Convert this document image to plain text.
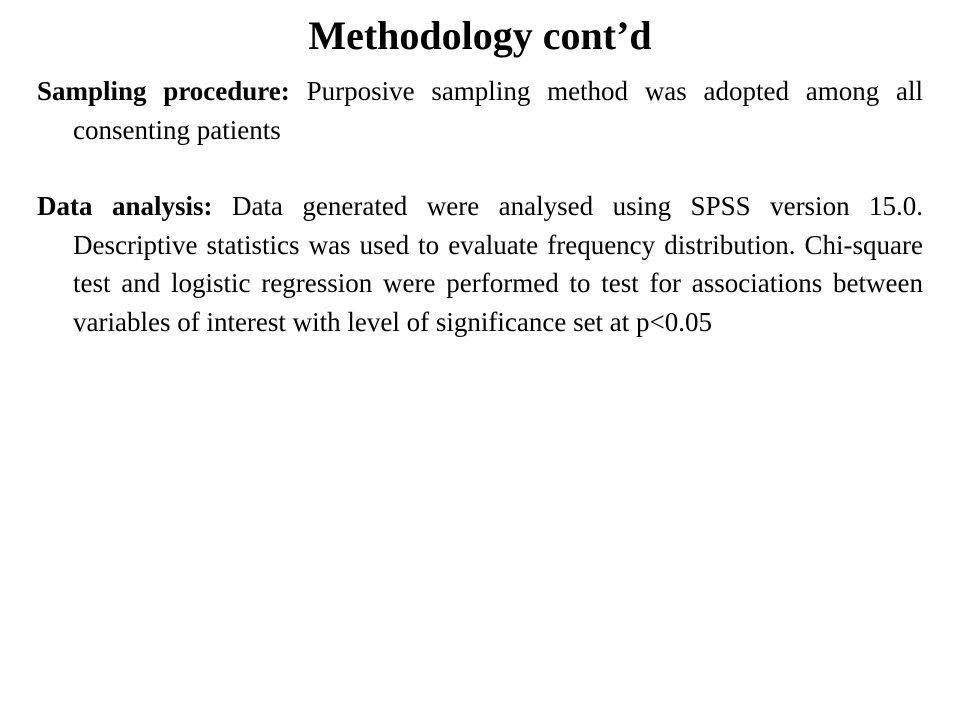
Methodology cont’d

Sampling procedure: Purposive sampling method was adopted among all consenting patients

Data analysis: Data generated were analysed using SPSS version 15.0. Descriptive statistics was used to evaluate frequency distribution. Chi-square test and logistic regression were performed to test for associations between variables of interest with level of significance set at p<0.05
